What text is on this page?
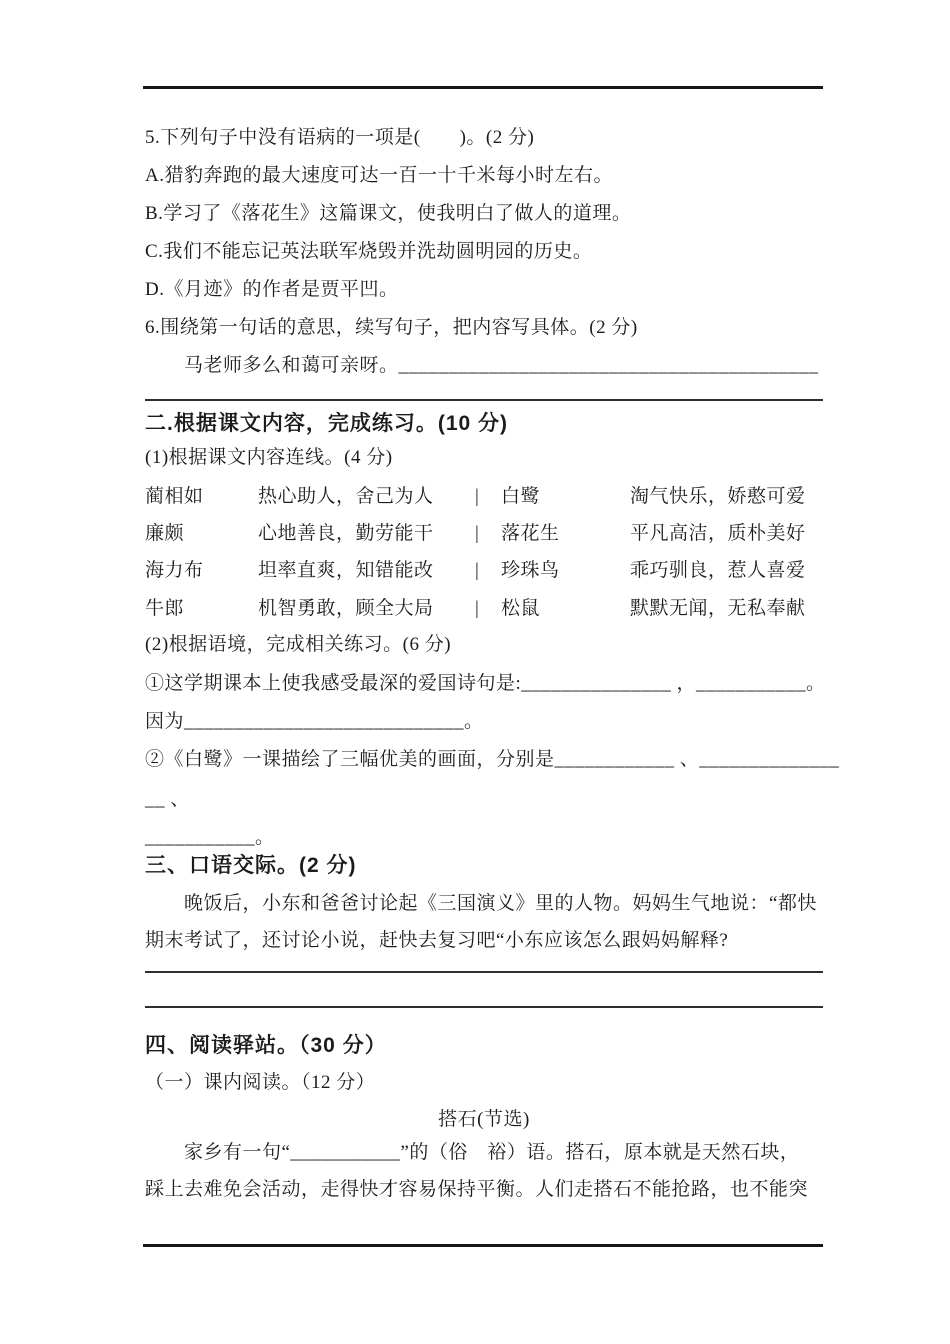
5.下列句子中没有语病的一项是(　　)。(2 分)
A.猎豹奔跑的最大速度可达一百一十千米每小时左右。
B.学习了《落花生》这篇课文，使我明白了做人的道理。
C.我们不能忘记英法联军烧毁并洗劫圆明园的历史。
D.《月迹》的作者是贾平凹。
6.围绕第一句话的意思，续写句子，把内容写具体。(2 分)
　　马老师多么和蔼可亲呀。__________________________________________
二.根据课文内容，完成练习。(10 分)
(1)根据课文内容连线。(4 分)
蔺相如	热心助人，舍己为人 | 白鹭	淘气快乐，娇憨可爱
廉颇	心地善良，勤劳能干 | 落花生	平凡高洁，质朴美好
海力布	坦率直爽，知错能改 | 珍珠鸟	乖巧驯良，惹人喜爱
牛郎	机智勇敢，顾全大局 | 松鼠	默默无闻，无私奉献
(2)根据语境，完成相关练习。(6 分)
①这学期课本上使我感受最深的爱国诗句是:_______________ ，___________。
因为____________________________。
②《白鹭》一课描绘了三幅优美的画面，分别是____________ 、______________
__ 、
___________。
三、口语交际。(2 分)
　　晚饭后，小东和爸爸讨论起《三国演义》里的人物。妈妈生气地说：“都快
期末考试了，还讨论小说，赶快去复习吧“小东应该怎么跟妈妈解释?
四、阅读驿站。（30 分）
（一）课内阅读。（12 分）
搭石(节选)
　　家乡有一句“___________”的（俗　裕）语。搭石，原本就是天然石块，
踩上去难免会活动，走得快才容易保持平衡。人们走搭石不能抢路，也不能突
